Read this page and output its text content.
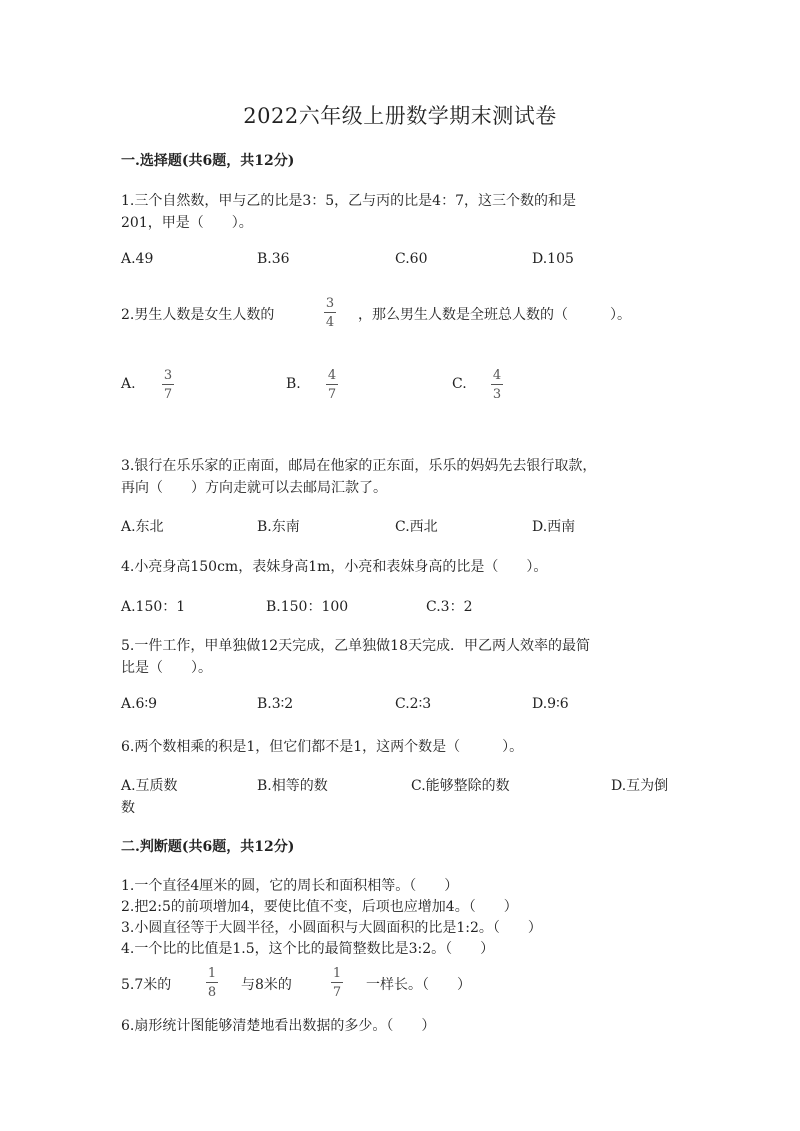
2022六年级上册数学期末测试卷
一.选择题(共6题，共12分)
1.三个自然数，甲与乙的比是3：5，乙与丙的比是4：7，这三个数的和是
201，甲是（　　）。
A.49	B.36	C.60	D.105
2.男生人数是女生人数的
3
4 ，那么男生人数是全班总人数的（　　　）。
A.
3
7
B.
4
7
C.
4
3
3.银行在乐乐家的正南面，邮局在他家的正东面，乐乐的妈妈先去银行取款，
再向（　　）方向走就可以去邮局汇款了。
A.东北	B.东南	C.西北	D.西南
4.小亮身高150cm，表妹身高1m，小亮和表妹身高的比是（　　）。
A.150：1	B.150：100	C.3：2
5.一件工作，甲单独做12天完成，乙单独做18天完成．甲乙两人效率的最简
比是（　　）。
A.6∶9	B.3∶2	C.2∶3	D.9∶6
6.两个数相乘的积是1，但它们都不是1，这两个数是（　　　）。
A.互质数	B.相等的数	C.能够整除的数	D.互为倒
数
二.判断题(共6题，共12分)
1.一个直径4厘米的圆，它的周长和面积相等。（　　）
2.把2:5的前项增加4，要使比值不变，后项也应增加4。（　　）
3.小圆直径等于大圆半径，小圆面积与大圆面积的比是1:2。（　　）
4.一个比的比值是1.5，这个比的最简整数比是3:2。（　　）
5.7米的
1
8 与8米的
1
7 一样长。（　　）
6.扇形统计图能够清楚地看出数据的多少。（　　）
